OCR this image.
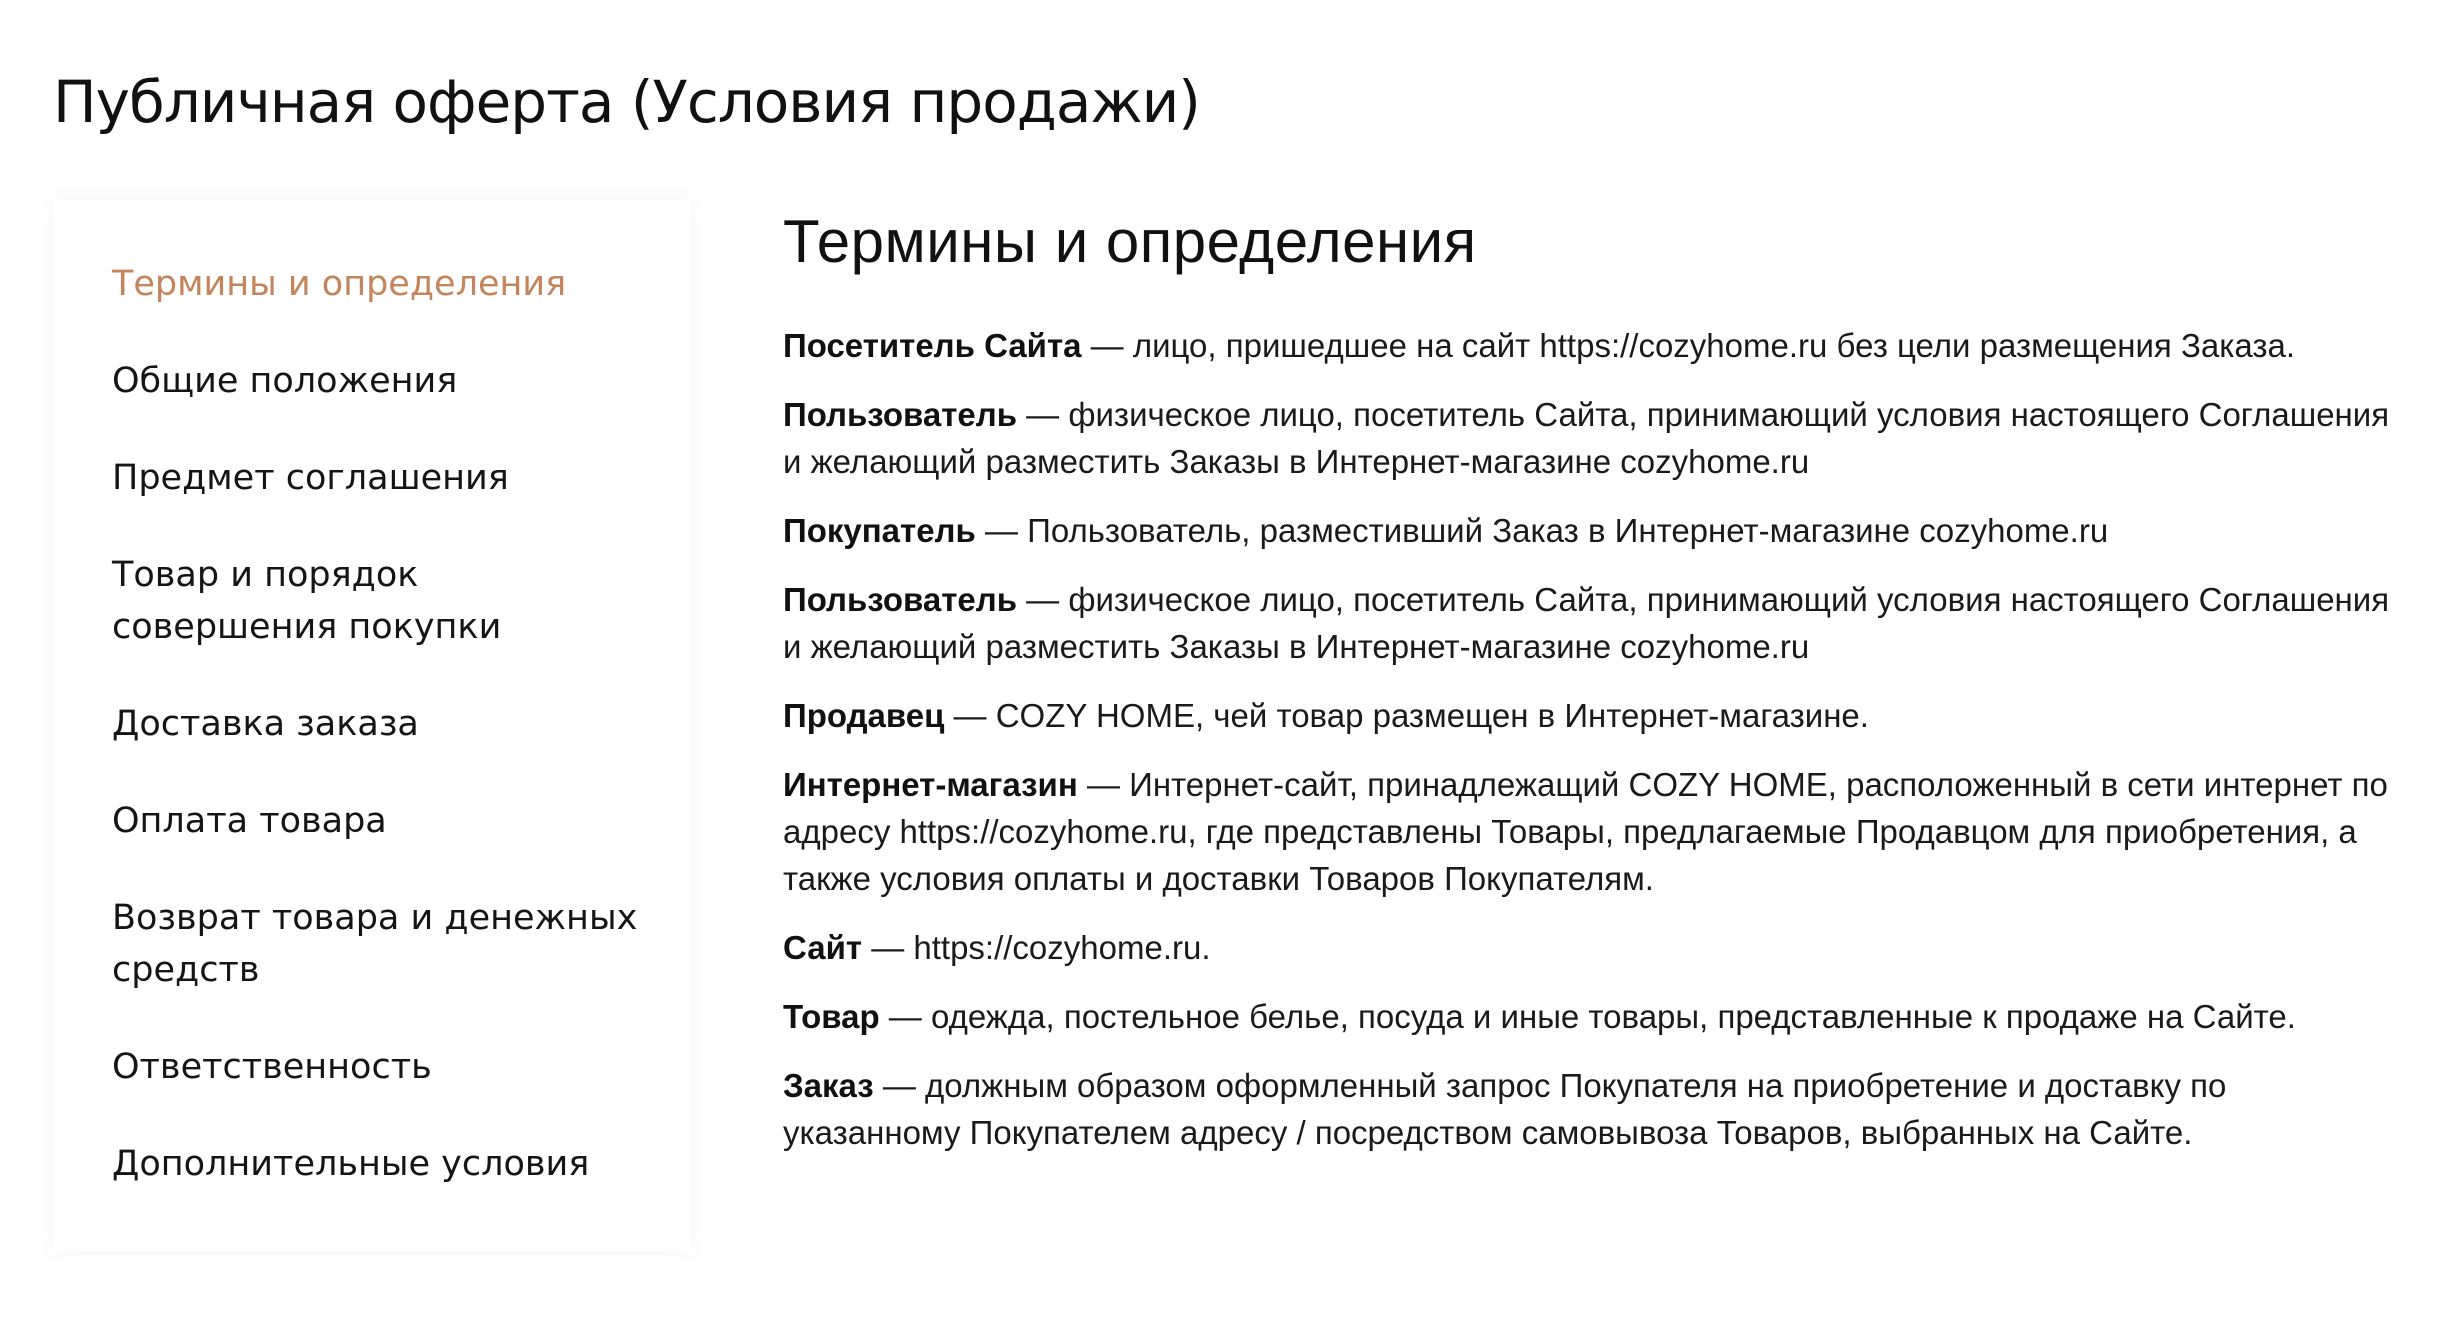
Публичная оферта (Условия продажи)
Термины и определения
Общие положения
Предмет соглашения
Товар и порядок совершения покупки
Доставка заказа
Оплата товара
Возврат товара и денежных средств
Ответственность
Дополнительные условия
Термины и определения

Посетитель Сайта — лицо, пришедшее на сайт https://cozyhome.ru без цели размещения Заказа.

Пользователь — физическое лицо, посетитель Сайта, принимающий условия настоящего Соглашения и желающий разместить Заказы в Интернет-магазине cozyhome.ru

Покупатель — Пользователь, разместивший Заказ в Интернет-магазине cozyhome.ru

Пользователь — физическое лицо, посетитель Сайта, принимающий условия настоящего Соглашения и желающий разместить Заказы в Интернет-магазине cozyhome.ru

Продавец — COZY HOME, чей товар размещен в Интернет-магазине.

Интернет-магазин — Интернет-сайт, принадлежащий COZY HOME, расположенный в сети интернет по адресу https://cozyhome.ru, где представлены Товары, предлагаемые Продавцом для приобретения, а также условия оплаты и доставки Товаров Покупателям.

Сайт — https://cozyhome.ru.

Товар — одежда, постельное белье, посуда и иные товары, представленные к продаже на Сайте.

Заказ — должным образом оформленный запрос Покупателя на приобретение и доставку по указанному Покупателем адресу / посредством самовывоза Товаров, выбранных на Сайте.
